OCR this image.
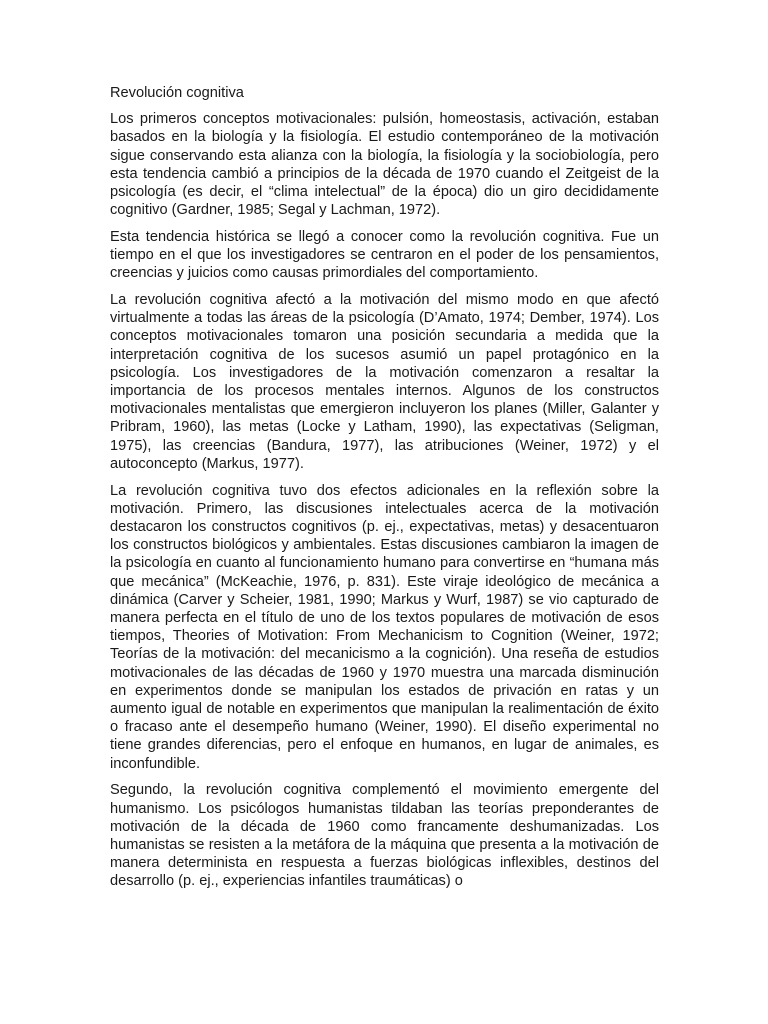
Revolución cognitiva

Los primeros conceptos motivacionales: pulsión, homeostasis, activación, estaban basados en la biología y la fisiología. El estudio contemporáneo de la motivación sigue conservando esta alianza con la biología, la fisiología y la sociobiología, pero esta tendencia cambió a principios de la década de 1970 cuando el Zeitgeist de la psicología (es decir, el “clima intelectual” de la época) dio un giro decididamente cognitivo (Gardner, 1985; Segal y Lachman, 1972).

Esta tendencia histórica se llegó a conocer como la revolución cognitiva. Fue un tiempo en el que los investigadores se centraron en el poder de los pensamientos, creencias y juicios como causas primordiales del comportamiento.

La revolución cognitiva afectó a la motivación del mismo modo en que afectó virtualmente a todas las áreas de la psicología (D’Amato, 1974; Dember, 1974). Los conceptos motivacionales tomaron una posición secundaria a medida que la interpretación cognitiva de los sucesos asumió un papel protagónico en la psicología. Los investigadores de la motivación comenzaron a resaltar la importancia de los procesos mentales internos. Algunos de los constructos motivacionales mentalistas que emergieron incluyeron los planes (Miller, Galanter y Pribram, 1960), las metas (Locke y Latham, 1990), las expectativas (Seligman, 1975), las creencias (Bandura, 1977), las atribuciones (Weiner, 1972) y el autoconcepto (Markus, 1977).

La revolución cognitiva tuvo dos efectos adicionales en la reflexión sobre la motivación. Primero, las discusiones intelectuales acerca de la motivación destacaron los constructos cognitivos (p. ej., expectativas, metas) y desacentuaron los constructos biológicos y ambientales. Estas discusiones cambiaron la imagen de la psicología en cuanto al funcionamiento humano para convertirse en “humana más que mecánica” (McKeachie, 1976, p. 831). Este viraje ideológico de mecánica a dinámica (Carver y Scheier, 1981, 1990; Markus y Wurf, 1987) se vio capturado de manera perfecta en el título de uno de los textos populares de motivación de esos tiempos, Theories of Motivation: From Mechanicism to Cognition (Weiner, 1972; Teorías de la motivación: del mecanicismo a la cognición). Una reseña de estudios motivacionales de las décadas de 1960 y 1970 muestra una marcada disminución en experimentos donde se manipulan los estados de privación en ratas y un aumento igual de notable en experimentos que manipulan la realimentación de éxito o fracaso ante el desempeño humano (Weiner, 1990). El diseño experimental no tiene grandes diferencias, pero el enfoque en humanos, en lugar de animales, es inconfundible.

Segundo, la revolución cognitiva complementó el movimiento emergente del humanismo. Los psicólogos humanistas tildaban las teorías preponderantes de motivación de la década de 1960 como francamente deshumanizadas. Los humanistas se resisten a la metáfora de la máquina que presenta a la motivación de manera determinista en respuesta a fuerzas biológicas inflexibles, destinos del desarrollo (p. ej., experiencias infantiles traumáticas) o
